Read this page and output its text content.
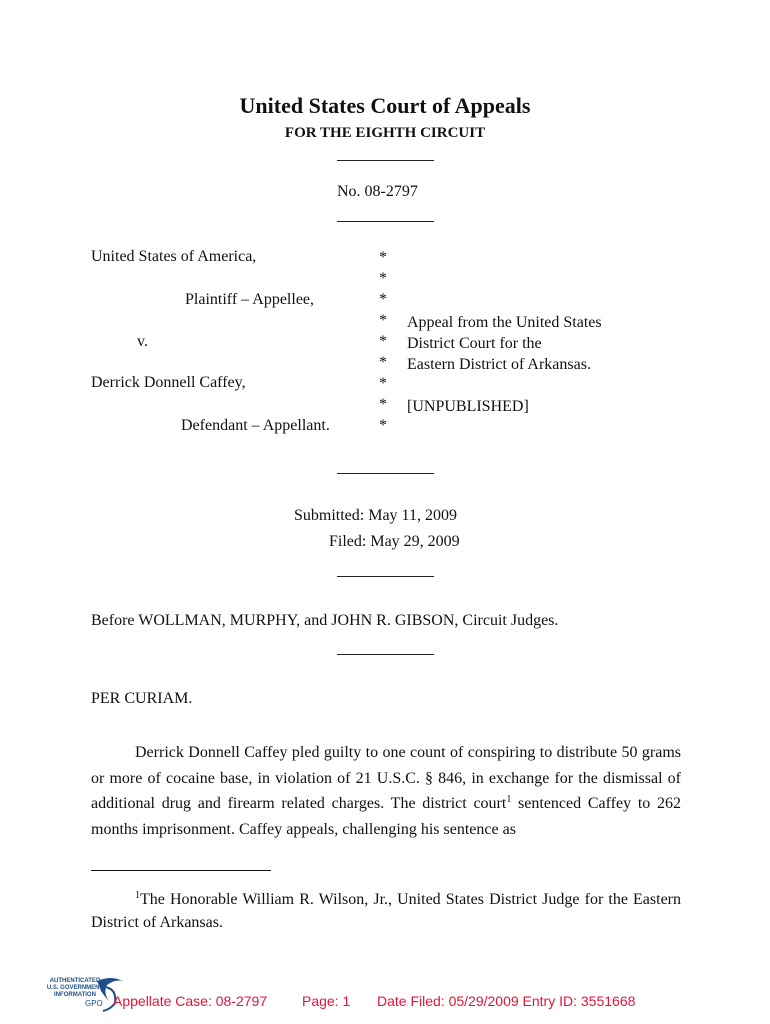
United States Court of Appeals
FOR THE EIGHTH CIRCUIT
No. 08-2797
United States of America,
Plaintiff – Appellee,
v.
Derrick Donnell Caffey,
Defendant – Appellant.
*
*
*
*
*
*
*
*
*
Appeal from the United States
District Court for the
Eastern District of Arkansas.
[UNPUBLISHED]
Submitted: May 11, 2009
Filed: May 29, 2009
Before WOLLMAN, MURPHY, and JOHN R. GIBSON, Circuit Judges.
PER CURIAM.
Derrick Donnell Caffey pled guilty to one count of conspiring to distribute 50 grams or more of cocaine base, in violation of 21 U.S.C. § 846, in exchange for the dismissal of additional drug and firearm related charges. The district court$^1$ sentenced Caffey to 262 months imprisonment. Caffey appeals, challenging his sentence as
$^1$The Honorable William R. Wilson, Jr., United States District Judge for the Eastern District of Arkansas.
AUTHENTICATED
U.S. GOVERNMENT
INFORMATION
GPO Appellate Case: 08-2797 Page: 1 Date Filed: 05/29/2009 Entry ID: 3551668
